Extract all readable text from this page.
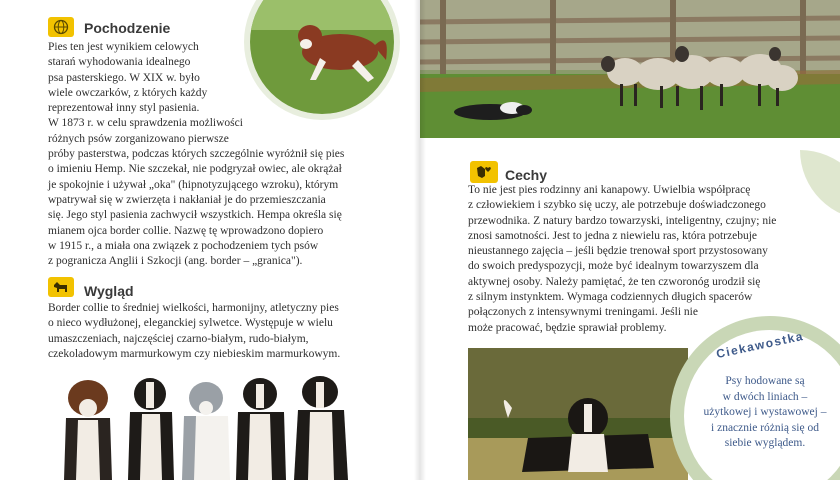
Pochodzenie
Pies ten jest wynikiem celowych
starań wyhodowania idealnego
psa pasterskiego. W XIX w. było
wiele owczarków, z których każdy
reprezentował inny styl pasienia.
W 1873 r. w celu sprawdzenia możliwości
różnych psów zorganizowano pierwsze
próby pasterstwa, podczas których szczególnie wyróżnił się pies
o imieniu Hemp. Nie szczekał, nie podgryzał owiec, ale okrążał
je spokojnie i używał „oka" (hipnotyzującego wzroku), którym
wpatrywał się w zwierzęta i nakłaniał je do przemieszczania
się. Jego styl pasienia zachwycił wszystkich. Hempa określa się
mianem ojca border collie. Nazwę tę wprowadzono dopiero
w 1915 r., a miała ona związek z pochodzeniem tych psów
z pogranicza Anglii i Szkocji (ang. border – „granica").
Wygląd
Border collie to średniej wielkości, harmonijny, atletyczny pies
o nieco wydłużonej, eleganckiej sylwetce. Występuje w wielu
umaszczeniach, najczęściej czarno-białym, rudo-białym,
czekoladowym marmurkowym czy niebieskim marmurkowym.
Cechy
To nie jest pies rodzinny ani kanapowy. Uwielbia współpracę
z człowiekiem i szybko się uczy, ale potrzebuje doświadczonego
przewodnika. Z natury bardzo towarzyski, inteligentny, czujny; nie
znosi samotności. Jest to jedna z niewielu ras, która potrzebuje
nieustannego zajęcia – jeśli będzie trenował sport przystosowany
do swoich predyspozycji, może być idealnym towarzyszem dla
aktywnej osoby. Należy pamiętać, że ten czworonóg urodził się
z silnym instynktem. Wymaga codziennych długich spacerów
połączonych z intensywnymi treningami. Jeśli nie
może pracować, będzie sprawiał problemy.
Ciekawostka
Psy hodowane są
w dwóch liniach –
użytkowej i wystawowej –
i znacznie różnią się od
siebie wyglądem.
